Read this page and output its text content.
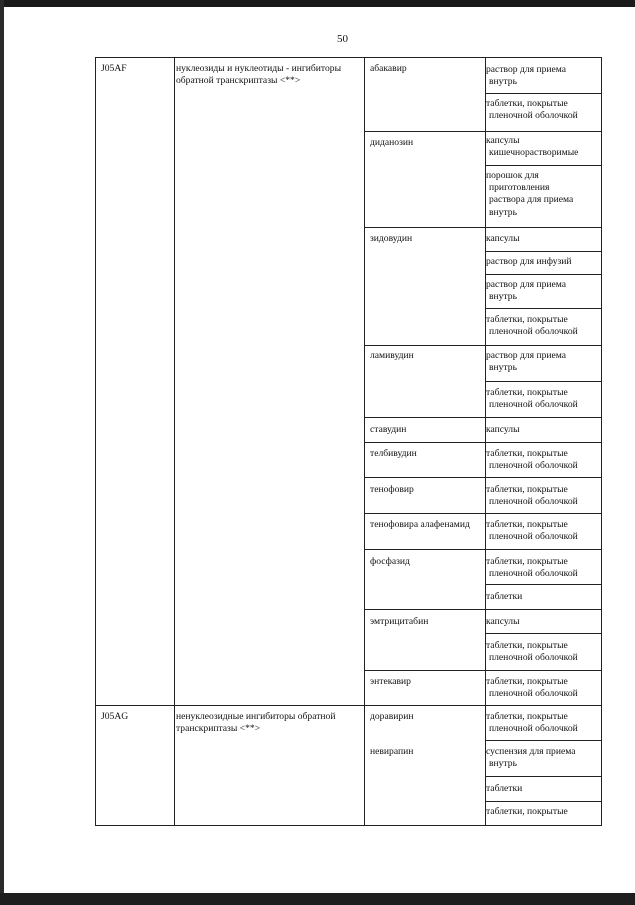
50
J05AF	нуклеозиды и нуклеотиды - ингибиторы обратной транскриптазы <**>
J05AG	ненуклеозидные ингибиторы обратной транскриптазы <**>
абакавир
диданозин
зидовудин
ламивудин
ставудин
телбивудин
тенофовир
тенофовира алафенамид
фосфазид
эмтрицитабин
энтекавир
доравирин
невирапин
раствор для приема
внутрь
таблетки, покрытые
пленочной оболочкой
капсулы
кишечнорастворимые
порошок для
приготовления
раствора для приема
внутрь
капсулы
раствор для инфузий
раствор для приема
внутрь
таблетки, покрытые
пленочной оболочкой
раствор для приема
внутрь
таблетки, покрытые
пленочной оболочкой
капсулы
таблетки, покрытые
пленочной оболочкой
таблетки, покрытые
пленочной оболочкой
таблетки, покрытые
пленочной оболочкой
таблетки, покрытые
пленочной оболочкой
таблетки
капсулы
таблетки, покрытые
пленочной оболочкой
таблетки, покрытые
пленочной оболочкой
таблетки, покрытые
пленочной оболочкой
суспензия для приема
внутрь
таблетки
таблетки, покрытые
